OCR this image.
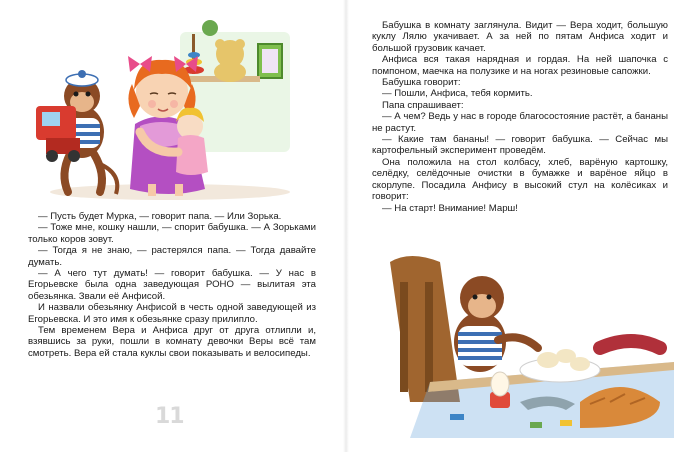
— Пусть будет Мурка, — говорит папа. — Или Зорька.

— Тоже мне, кошку нашли, — спорит бабушка. — А Зорьками только коров зовут.

— Тогда я не знаю, — растерялся папа. — Тогда давайте думать.

— А чего тут думать! — говорит бабушка. — У нас в Егорьевске была одна заведующая РОНО — вылитая эта обезьянка. Звали её Анфисой.

И назвали обезьянку Анфисой в честь одной заведующей из Егорьевска. И это имя к обезьянке сразу прилипло.

Тем временем Вера и Анфиса друг от друга отлипли и, взявшись за руки, пошли в комнату девочки Веры всё там смотреть. Вера ей стала куклы свои показывать и велосипеды.

11

Бабушка в комнату заглянула. Видит — Вера ходит, большую куклу Лялю укачивает. А за ней по пятам Анфиса ходит и большой грузовик качает.

Анфиса вся такая нарядная и гордая. На ней шапочка с помпоном, маечка на полузике и на ногах резиновые сапожки.

Бабушка говорит:

— Пошли, Анфиса, тебя кормить.

Папа спрашивает:

— А чем? Ведь у нас в городе благосостояние растёт, а бананы не растут.

— Какие там бананы! — говорит бабушка. — Сейчас мы картофельный эксперимент проведём.

Она положила на стол колбасу, хлеб, варёную картошку, селёдку, селёдочные очистки в бумажке и варёное яйцо в скорлупе. Посадила Анфису в высокий стул на колёсиках и говорит:

— На старт! Внимание! Марш!
